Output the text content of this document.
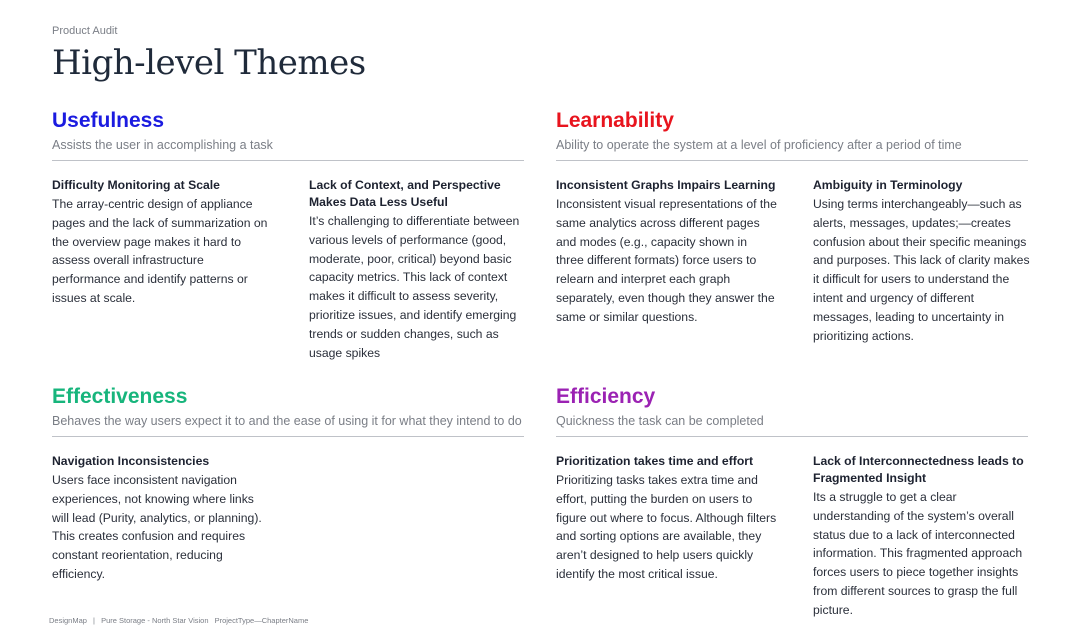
Product Audit
High-level Themes
Usefulness
Assists the user in accomplishing a task
Difficulty Monitoring at Scale
The array-centric design of appliance pages and the lack of summarization on the overview page makes it hard to assess overall infrastructure performance and identify patterns or issues at scale.
Lack of Context, and Perspective Makes Data Less Useful
It’s challenging to differentiate between various levels of performance (good, moderate, poor, critical) beyond basic capacity metrics. This lack of context makes it difficult to assess severity, prioritize issues, and identify emerging trends or sudden changes, such as usage spikes
Learnability
Ability to operate the system at a level of proficiency after a period of time
Inconsistent Graphs Impairs Learning
Inconsistent visual representations of the same analytics across different pages and modes (e.g., capacity shown in three different formats) force users to relearn and interpret each graph separately, even though they answer the same or similar questions.
Ambiguity in Terminology
Using terms interchangeably—such as alerts, messages, updates;—creates confusion about their specific meanings and purposes. This lack of clarity makes it difficult for users to understand the intent and urgency of different messages, leading to uncertainty in prioritizing actions.
Effectiveness
Behaves the way users expect it to and the ease of using it for what they intend to do
Navigation Inconsistencies
Users face inconsistent navigation experiences, not knowing where links will lead (Purity, analytics, or planning). This creates confusion and requires constant reorientation, reducing efficiency.
Efficiency
Quickness the task can be completed
Prioritization takes time and effort
Prioritizing tasks takes extra time and effort, putting the burden on users to figure out where to focus. Although filters and sorting options are available, they aren’t designed to help users quickly identify the most critical issue.
Lack of Interconnectedness leads to Fragmented Insight
Its a struggle to get a clear understanding of the system’s overall status due to a lack of interconnected information. This fragmented approach forces users to piece together insights from different sources to grasp the full picture.
DesignMap | Pure Storage - North Star Vision ProjectType—ChapterName
